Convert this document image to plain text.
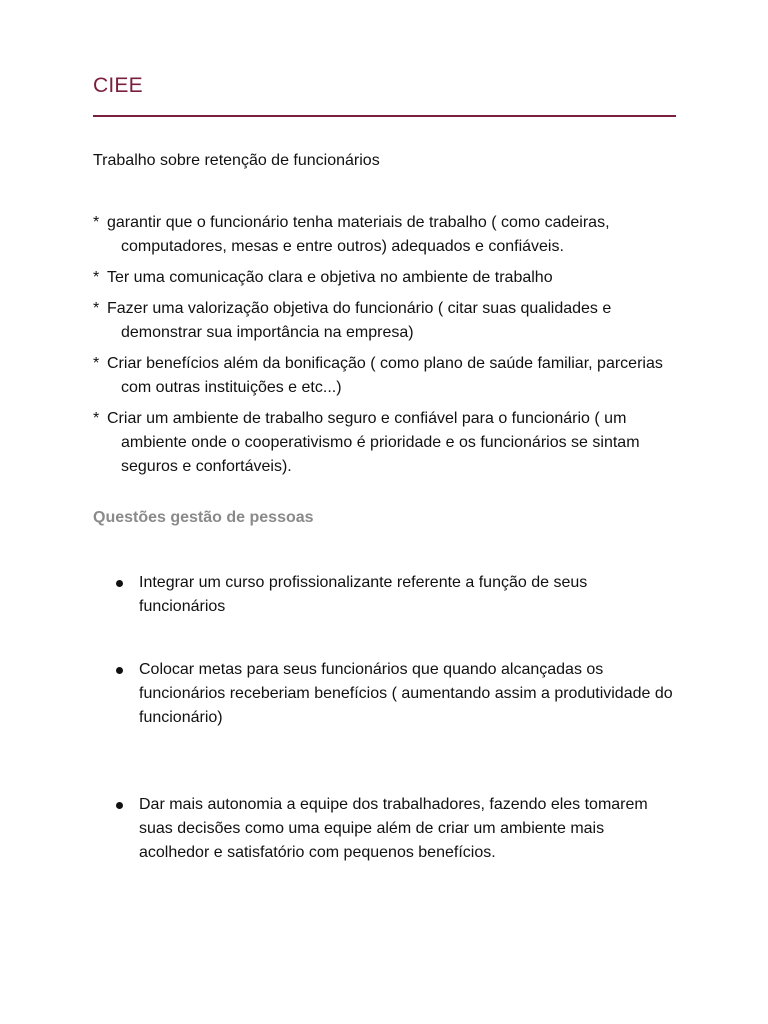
CIEE
Trabalho sobre retenção de funcionários
* garantir que o funcionário tenha materiais de trabalho ( como cadeiras, computadores, mesas e entre outros) adequados e confiáveis.
* Ter uma comunicação clara e objetiva no ambiente de trabalho
* Fazer uma valorização objetiva do funcionário ( citar suas qualidades e demonstrar sua importância na empresa)
* Criar benefícios além da bonificação ( como plano de saúde familiar, parcerias com outras instituições e etc...)
* Criar um ambiente de trabalho seguro e confiável para o funcionário ( um ambiente onde o cooperativismo é prioridade e os funcionários se sintam seguros e confortáveis).
Questões gestão de pessoas
Integrar um curso profissionalizante referente a função de seus funcionários
Colocar metas para seus funcionários que quando alcançadas os funcionários receberiam benefícios ( aumentando assim a produtividade do funcionário)
Dar mais autonomia a equipe dos trabalhadores, fazendo eles tomarem suas decisões como uma equipe além de criar um ambiente mais acolhedor e satisfatório com pequenos benefícios.
